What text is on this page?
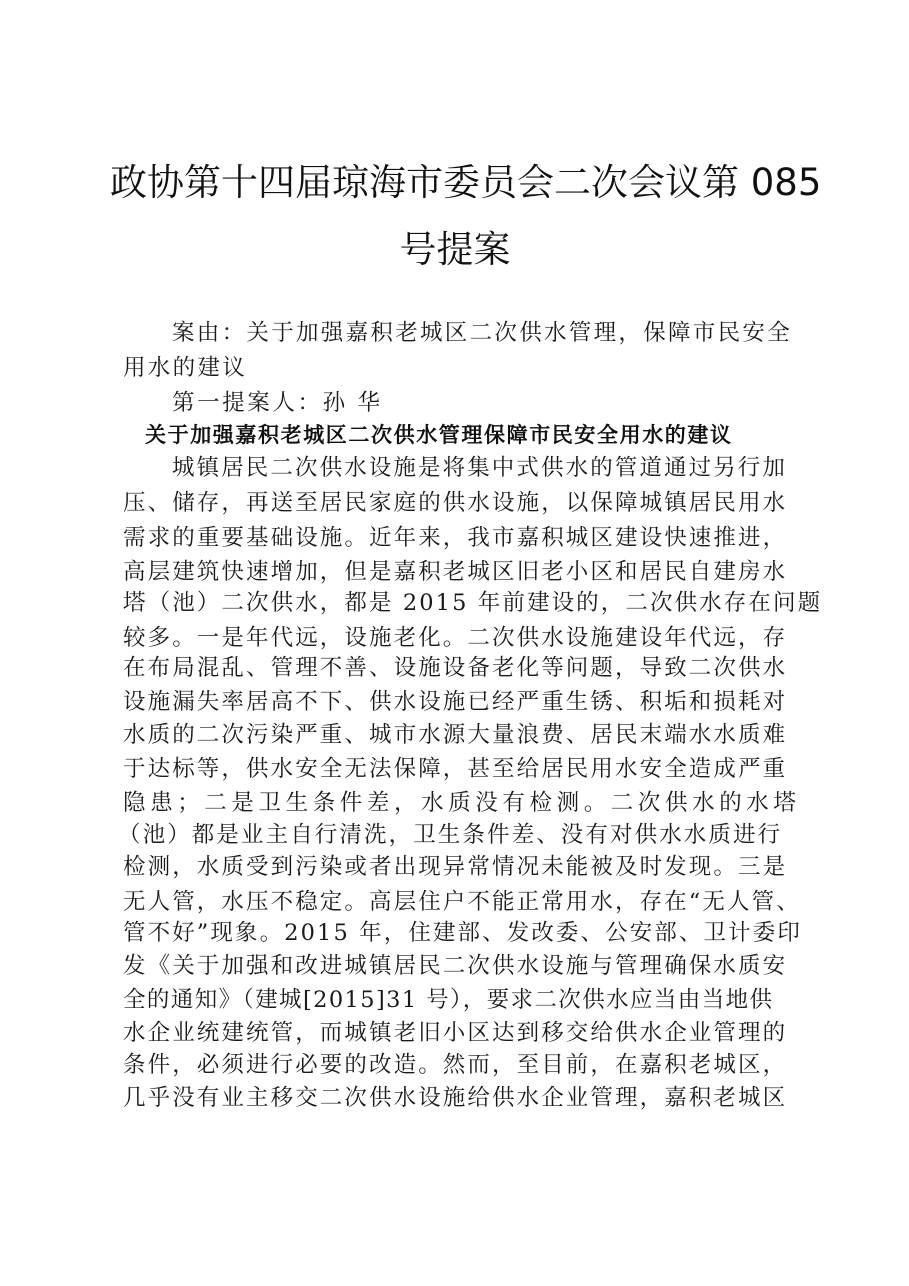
政协第十四届琼海市委员会二次会议第 085
号提案
案由：关于加强嘉积老城区二次供水管理，保障市民安全
用水的建议
第一提案人：孙 华
关于加强嘉积老城区二次供水管理保障市民安全用水的建议
城镇居民二次供水设施是将集中式供水的管道通过另行加
压、储存，再送至居民家庭的供水设施，以保障城镇居民用水
需求的重要基础设施。近年来，我市嘉积城区建设快速推进，
高层建筑快速增加，但是嘉积老城区旧老小区和居民自建房水
塔（池）二次供水，都是 2015 年前建设的，二次供水存在问题
较多。一是年代远，设施老化。二次供水设施建设年代远，存
在布局混乱、管理不善、设施设备老化等问题，导致二次供水
设施漏失率居高不下、供水设施已经严重生锈、积垢和损耗对
水质的二次污染严重、城市水源大量浪费、居民末端水水质难
于达标等，供水安全无法保障，甚至给居民用水安全造成严重
隐患；二是卫生条件差，水质没有检测。二次供水的水塔
（池）都是业主自行清洗，卫生条件差、没有对供水水质进行
检测，水质受到污染或者出现异常情况未能被及时发现。三是
无人管，水压不稳定。高层住户不能正常用水，存在“无人管、
管不好”现象。2015 年，住建部、发改委、公安部、卫计委印
发《关于加强和改进城镇居民二次供水设施与管理确保水质安
全的通知》（建城[2015]31 号），要求二次供水应当由当地供
水企业统建统管，而城镇老旧小区达到移交给供水企业管理的
条件，必须进行必要的改造。然而，至目前，在嘉积老城区，
几乎没有业主移交二次供水设施给供水企业管理，嘉积老城区
